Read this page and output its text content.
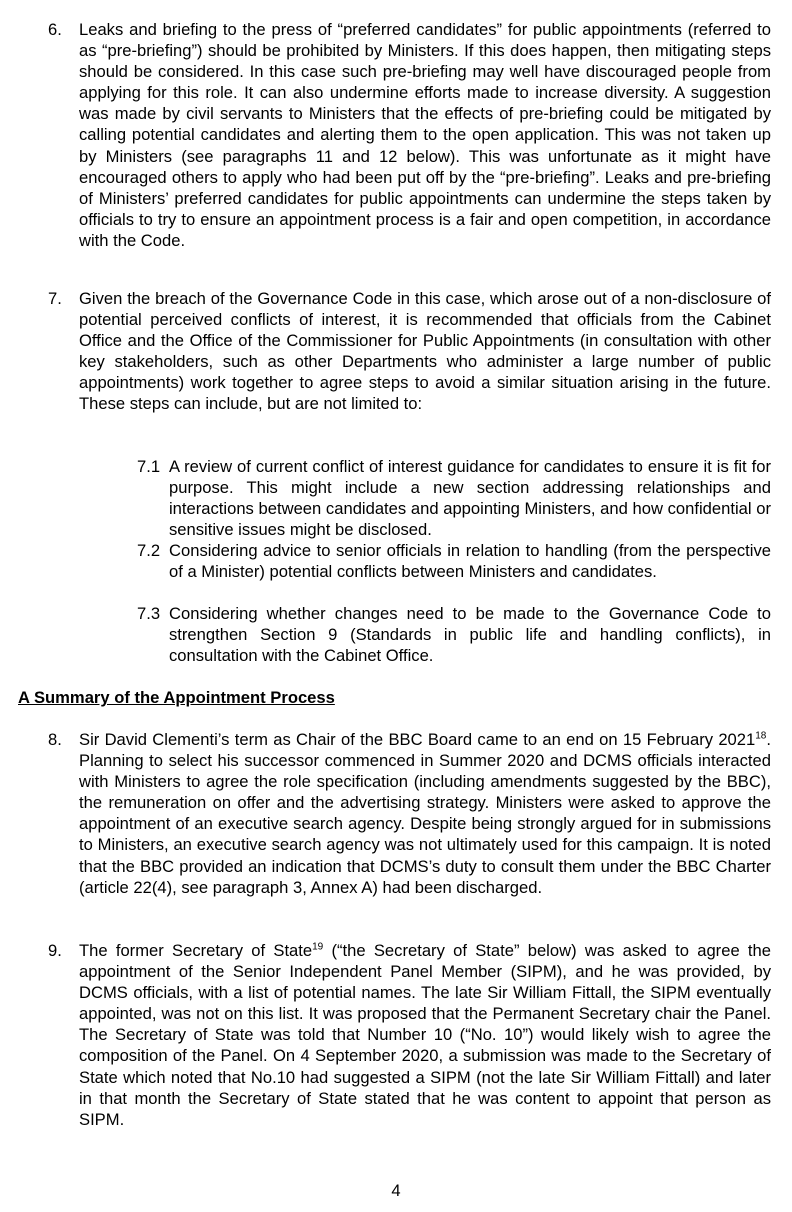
6. Leaks and briefing to the press of “preferred candidates” for public appointments (referred to as “pre-briefing”) should be prohibited by Ministers. If this does happen, then mitigating steps should be considered. In this case such pre-briefing may well have discouraged people from applying for this role. It can also undermine efforts made to increase diversity. A suggestion was made by civil servants to Ministers that the effects of pre-briefing could be mitigated by calling potential candidates and alerting them to the open application. This was not taken up by Ministers (see paragraphs 11 and 12 below). This was unfortunate as it might have encouraged others to apply who had been put off by the “pre-briefing”. Leaks and pre-briefing of Ministers’ preferred candidates for public appointments can undermine the steps taken by officials to try to ensure an appointment process is a fair and open competition, in accordance with the Code.
7. Given the breach of the Governance Code in this case, which arose out of a non-disclosure of potential perceived conflicts of interest, it is recommended that officials from the Cabinet Office and the Office of the Commissioner for Public Appointments (in consultation with other key stakeholders, such as other Departments who administer a large number of public appointments) work together to agree steps to avoid a similar situation arising in the future. These steps can include, but are not limited to:
7.1 A review of current conflict of interest guidance for candidates to ensure it is fit for purpose. This might include a new section addressing relationships and interactions between candidates and appointing Ministers, and how confidential or sensitive issues might be disclosed.
7.2 Considering advice to senior officials in relation to handling (from the perspective of a Minister) potential conflicts between Ministers and candidates.
7.3 Considering whether changes need to be made to the Governance Code to strengthen Section 9 (Standards in public life and handling conflicts), in consultation with the Cabinet Office.
A Summary of the Appointment Process
8. Sir David Clementi’s term as Chair of the BBC Board came to an end on 15 February 2021$^{18}$. Planning to select his successor commenced in Summer 2020 and DCMS officials interacted with Ministers to agree the role specification (including amendments suggested by the BBC), the remuneration on offer and the advertising strategy. Ministers were asked to approve the appointment of an executive search agency. Despite being strongly argued for in submissions to Ministers, an executive search agency was not ultimately used for this campaign. It is noted that the BBC provided an indication that DCMS’s duty to consult them under the BBC Charter (article 22(4), see paragraph 3, Annex A) had been discharged.
9. The former Secretary of State$^{19}$ (“the Secretary of State” below) was asked to agree the appointment of the Senior Independent Panel Member (SIPM), and he was provided, by DCMS officials, with a list of potential names. The late Sir William Fittall, the SIPM eventually appointed, was not on this list. It was proposed that the Permanent Secretary chair the Panel. The Secretary of State was told that Number 10 (“No. 10”) would likely wish to agree the composition of the Panel. On 4 September 2020, a submission was made to the Secretary of State which noted that No.10 had suggested a SIPM (not the late Sir William Fittall) and later in that month the Secretary of State stated that he was content to appoint that person as SIPM.
4
